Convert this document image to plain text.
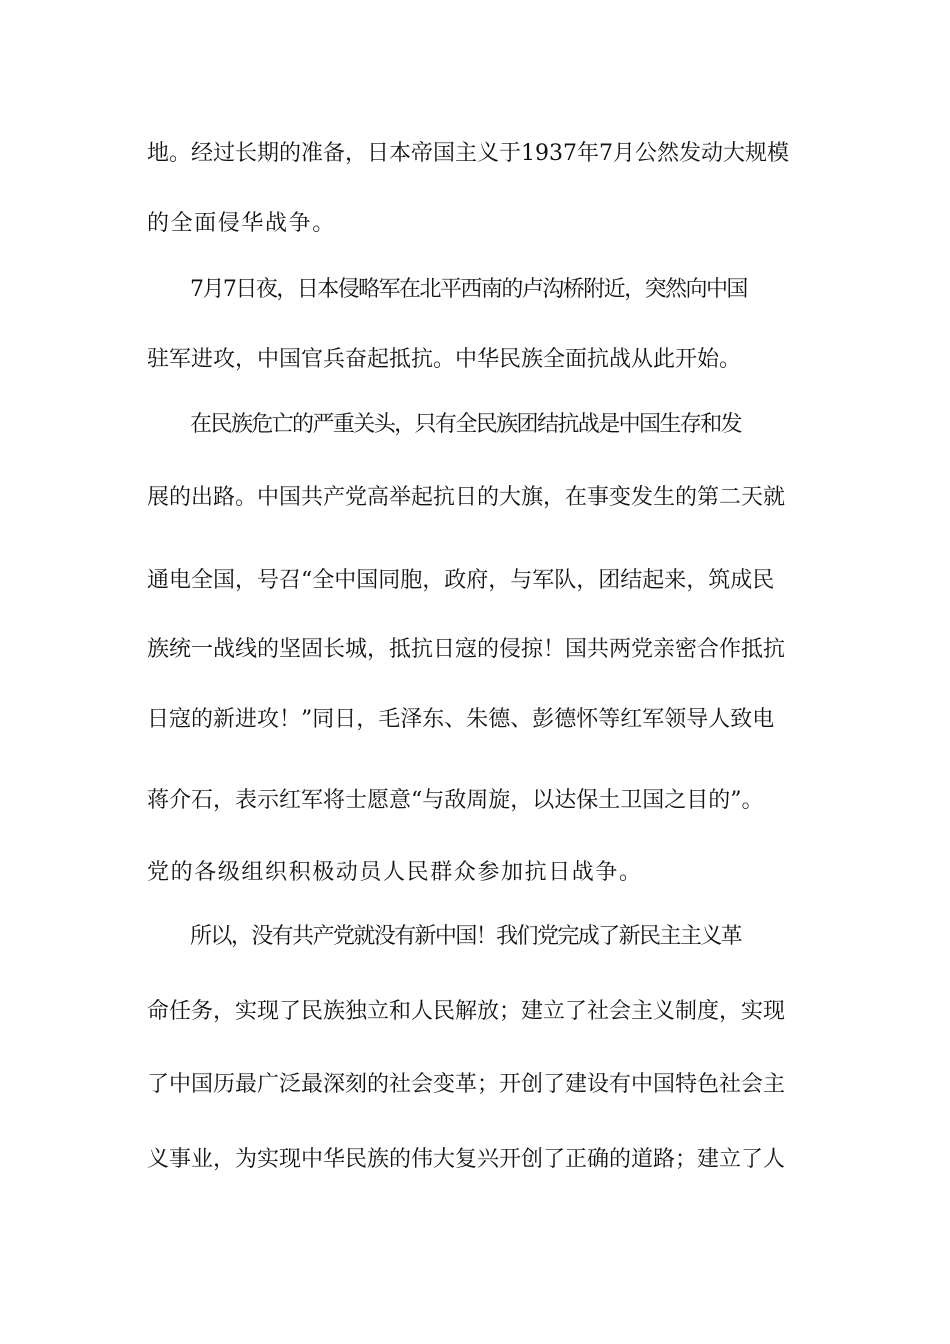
地。经过长期的准备，日本帝国主义于1937年7月公然发动大规模
的全面侵华战争。
7月7日夜，日本侵略军在北平西南的卢沟桥附近，突然向中国
驻军进攻，中国官兵奋起抵抗。中华民族全面抗战从此开始。
在民族危亡的严重关头，只有全民族团结抗战是中国生存和发
展的出路。中国共产党高举起抗日的大旗，在事变发生的第二天就
通电全国，号召“全中国同胞，政府，与军队，团结起来，筑成民
族统一战线的坚固长城，抵抗日寇的侵掠！国共两党亲密合作抵抗
日寇的新进攻！”同日，毛泽东、朱德、彭德怀等红军领导人致电
蒋介石，表示红军将士愿意“与敌周旋，以达保土卫国之目的”。
党的各级组织积极动员人民群众参加抗日战争。
所以，没有共产党就没有新中国！我们党完成了新民主主义革
命任务，实现了民族独立和人民解放；建立了社会主义制度，实现
了中国历最广泛最深刻的社会变革；开创了建设有中国特色社会主
义事业，为实现中华民族的伟大复兴开创了正确的道路；建立了人
